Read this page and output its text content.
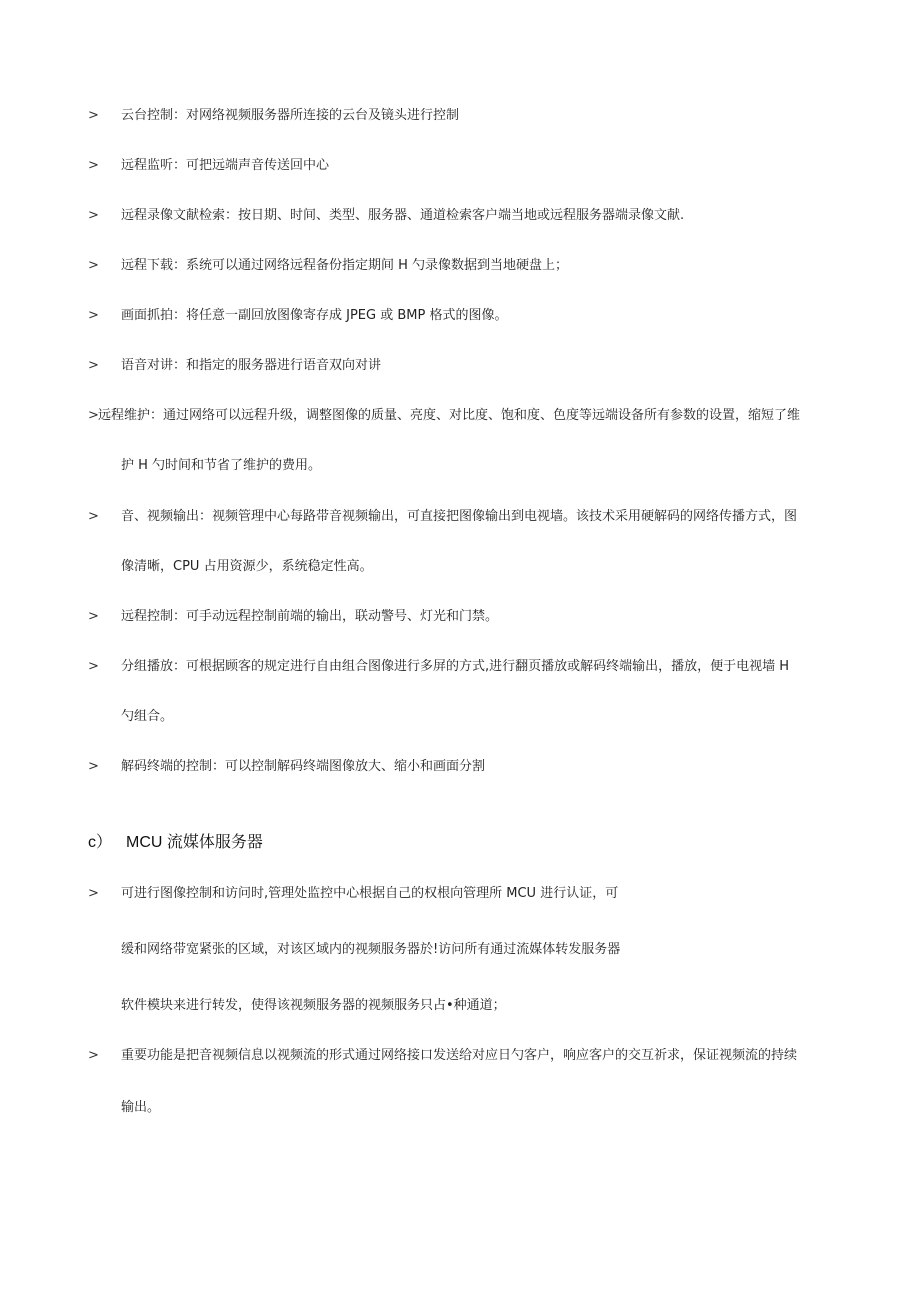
> 云台控制：对网络视频服务器所连接的云台及镜头进行控制
> 远程监听：可把远端声音传送回中心
> 远程录像文献检索：按日期、时间、类型、服务器、通道检索客户端当地或远程服务器端录像文献.
> 远程下载：系统可以通过网络远程备份指定期间 H 勺录像数据到当地硬盘上；
> 画面抓拍：将任意一副回放图像寄存成 JPEG 或 BMP 格式的图像。
> 语音对讲：和指定的服务器进行语音双向对讲
> 远程维护：通过网络可以远程升级，调整图像的质量、亮度、对比度、饱和度、色度等远端设备所有参数的设置，缩短了维
护 H 勺时间和节省了维护的费用。
> 音、视频输出：视频管理中心每路带音视频输出，可直接把图像输出到电视墙。该技术采用硬解码的网络传播方式，图
像清晰，CPU 占用资源少，系统稳定性高。
> 远程控制：可手动远程控制前端的输出，联动警号、灯光和门禁。
> 分组播放：可根据顾客的规定进行自由组合图像进行多屏的方式,进行翻页播放或解码终端输出，播放，便于电视墙 H
勺组合。
> 解码终端的控制：可以控制解码终端图像放大、缩小和画面分割
c） MCU 流媒体服务器
> 可进行图像控制和访问时,管理处监控中心根据自己的权根向管理所 MCU 进行认证，可
缓和网络带宽紧张的区域，对该区域内的视频服务器於!访问所有通过流媒体转发服务器
软件模块来进行转发，使得该视频服务器的视频服务只占•种通道；
> 重要功能是把音视频信息以视频流的形式通过网络接口发送给对应日勺客户，响应客户的交互祈求，保证视频流的持续
输出。
